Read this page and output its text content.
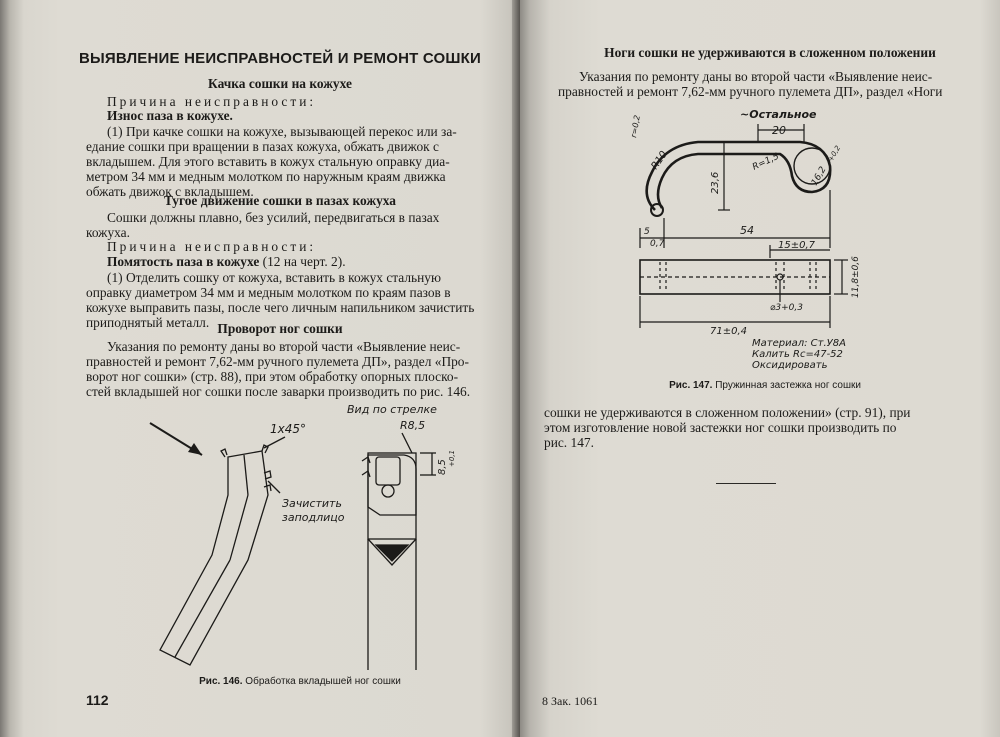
ВЫЯВЛЕНИЕ НЕИСПРАВНОСТЕЙ И РЕМОНТ СОШКИ
Качка сошки на кожухе
Причина неисправности:
Износ паза в кожухе.
(1) При качке сошки на кожухе, вызывающей перекос или за-
едание сошки при вращении в пазах кожуха, обжать движок с
вкладышем. Для этого вставить в кожух стальную оправку диа-
метром 34 мм и медным молотком по наружным краям движка
обжать движок с вкладышем.
Тугое движение сошки в пазах кожуха
Сошки должны плавно, без усилий, передвигаться в пазах
кожуха.
Причина неисправности:
Помятость паза в кожухе (12 на черт. 2).
(1) Отделить сошку от кожуха, вставить в кожух стальную
оправку диаметром 34 мм и медным молотком по краям пазов в
кожухе выправить пазы, после чего личным напильником зачистить
приподнятый металл. Проворот ног сошки
Указания по ремонту даны во второй части «Выявление неис-
правностей и ремонт 7,62-мм ручного пулемета ДП», раздел «Про-
ворот ног сошки» (стр. 88), при этом обработку опорных плоско-
стей вкладышей ног сошки после заварки производить по рис. 146.
1х45°
Зачистить
заподлицо
Вид по стрелке
R8,5
8,5
+0,1
Рис. 146. Обработка вкладышей ног сошки
112
Ноги сошки не удерживаются в сложенном положении
Указания по ремонту даны во второй части «Выявление неис-
правностей и ремонт 7,62-мм ручного пулемета ДП», раздел «Ноги
~Остальное
20
R=1,5
16,2
+0,2
R10
r=0,2
23,6
5
0,7
54
15±0,7
11,8±0,6
⌀3+0,3
71±0,4
Материал: Ст.У8А
Калить Rc=47-52
Оксидировать
Рис. 147. Пружинная застежка ног сошки
сошки не удерживаются в сложенном положении» (стр. 91), при
этом изготовление новой застежки ног сошки производить по
рис. 147.
8 Зак. 1061
